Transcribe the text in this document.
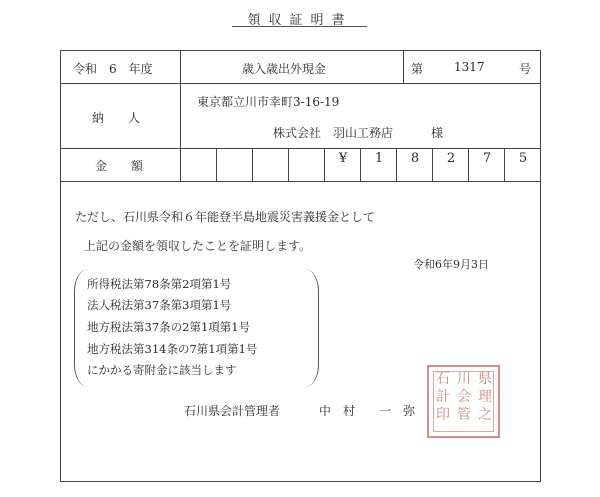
領収証明書
令和　6　年度	歳入歳出外現金	第	1317	号
納　　人
東京都立川市幸町3-16-19
株式会社　羽山工務店	様
金　　額	¥	1	8	2	7	5
ただし、石川県令和６年能登半島地震災害義援金として
上記の金額を領収したことを証明します。
令和6年9月3日
所得税法第78条第2項第1号
法人税法第37条第3項第1号
地方税法第37条の2第1項第1号
地方税法第314条の7第1項第1号
にかかる寄附金に該当します
石川県会計管理者	中　村　　一　弥
県
理
之
川
会
管
石
計
印
